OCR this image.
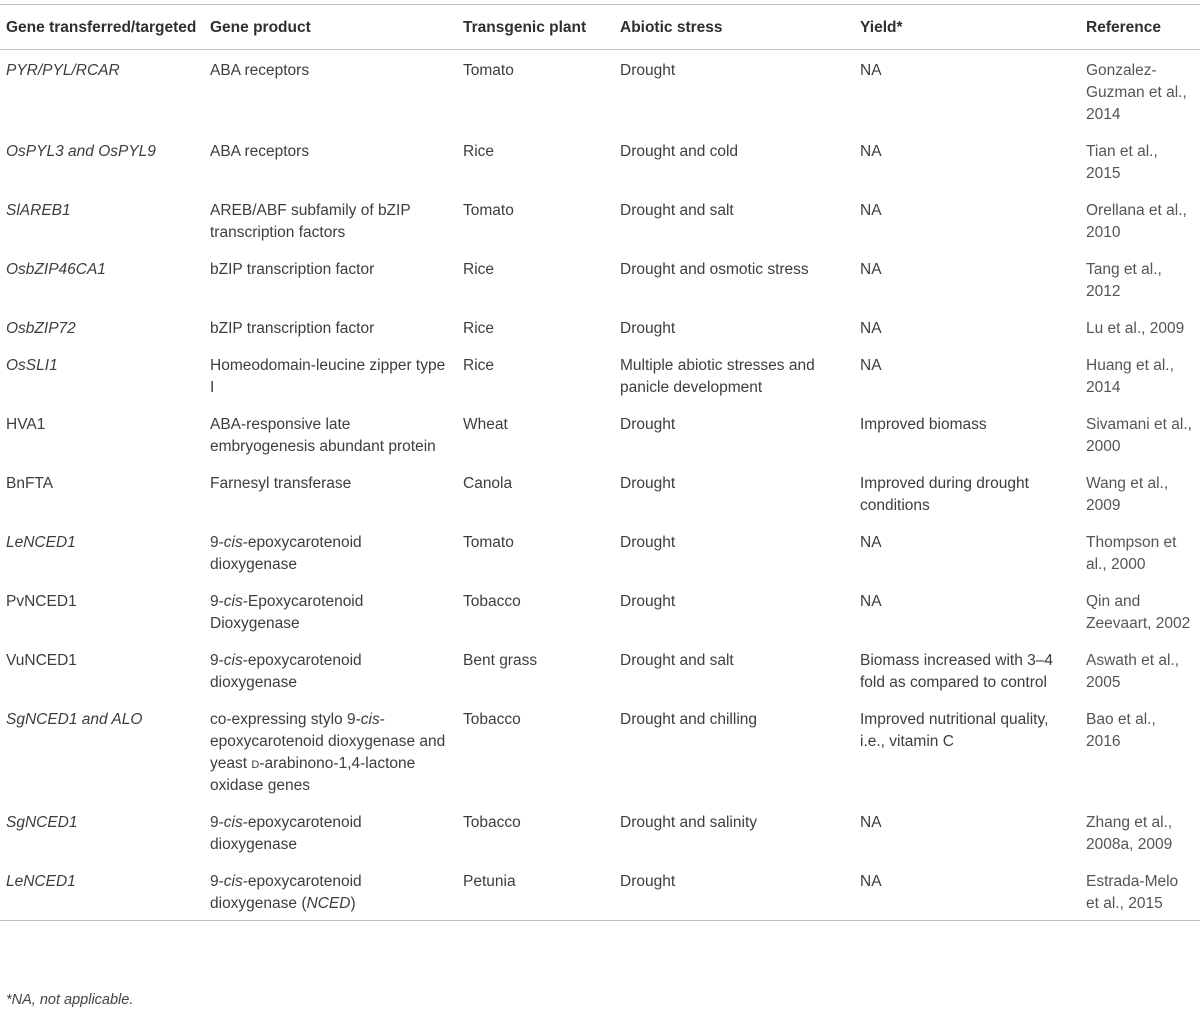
Gene transferred/targeted	Gene product	Transgenic plant	Abiotic stress	Yield*	Reference
PYR/PYL/RCAR	ABA receptors	Tomato	Drought	NA	Gonzalez-Guzman et al., 2014
OsPYL3 and OsPYL9	ABA receptors	Rice	Drought and cold	NA	Tian et al., 2015
SlAREB1	AREB/ABF subfamily of bZIP transcription factors	Tomato	Drought and salt	NA	Orellana et al., 2010
OsbZIP46CA1	bZIP transcription factor	Rice	Drought and osmotic stress	NA	Tang et al., 2012
OsbZIP72	bZIP transcription factor	Rice	Drought	NA	Lu et al., 2009
OsSLI1	Homeodomain-leucine zipper type I	Rice	Multiple abiotic stresses and panicle development	NA	Huang et al., 2014
HVA1	ABA-responsive late embryogenesis abundant protein	Wheat	Drought	Improved biomass	Sivamani et al., 2000
BnFTA	Farnesyl transferase	Canola	Drought	Improved during drought conditions	Wang et al., 2009
LeNCED1	9-cis-epoxycarotenoid dioxygenase	Tomato	Drought	NA	Thompson et al., 2000
PvNCED1	9-cis-Epoxycarotenoid Dioxygenase	Tobacco	Drought	NA	Qin and Zeevaart, 2002
VuNCED1	9-cis-epoxycarotenoid dioxygenase	Bent grass	Drought and salt	Biomass increased with 3–4 fold as compared to control	Aswath et al., 2005
SgNCED1 and ALO	co-expressing stylo 9-cis-epoxycarotenoid dioxygenase and yeast d-arabinono-1,4-lactone oxidase genes	Tobacco	Drought and chilling	Improved nutritional quality, i.e., vitamin C	Bao et al., 2016
SgNCED1	9-cis-epoxycarotenoid dioxygenase	Tobacco	Drought and salinity	NA	Zhang et al., 2008a, 2009
LeNCED1	9-cis-epoxycarotenoid dioxygenase (NCED)	Petunia	Drought	NA	Estrada-Melo et al., 2015
*NA, not applicable.
